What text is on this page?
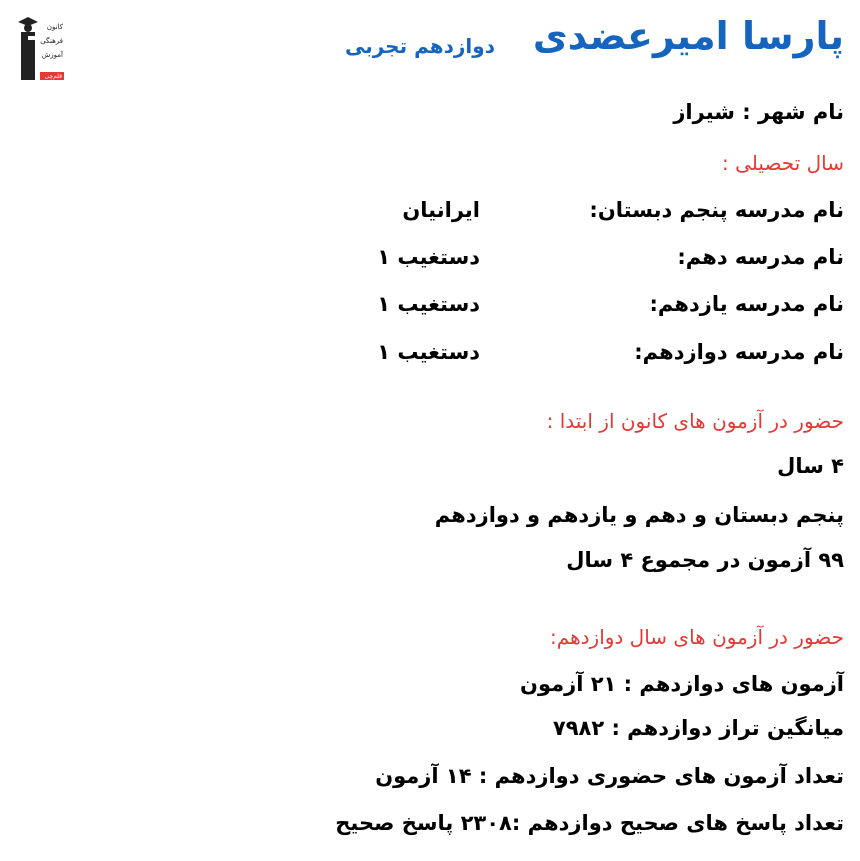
کانون
فرهنگی
آموزش
قلم‌چی
پارسا امیرعضدی
دوازدهم تجربی
نام شهر : شیراز
سال تحصیلی :
نام مدرسه پنجم دبستان:
ایرانیان
نام مدرسه دهم:
دستغیب ۱
نام مدرسه یازدهم:
دستغیب ۱
نام مدرسه دوازدهم:
دستغیب ۱
حضور در آزمون های کانون از ابتدا :
۴ سال
پنجم دبستان و دهم و یازدهم و دوازدهم
۹۹ آزمون در مجموع ۴ سال
حضور در آزمون های سال دوازدهم:
آزمون های دوازدهم : ۲۱ آزمون
میانگین تراز دوازدهم : ۷۹۸۲
تعداد آزمون های حضوری دوازدهم : ۱۴ آزمون
تعداد پاسخ های صحیح دوازدهم :۲۳۰۸ پاسخ صحیح
